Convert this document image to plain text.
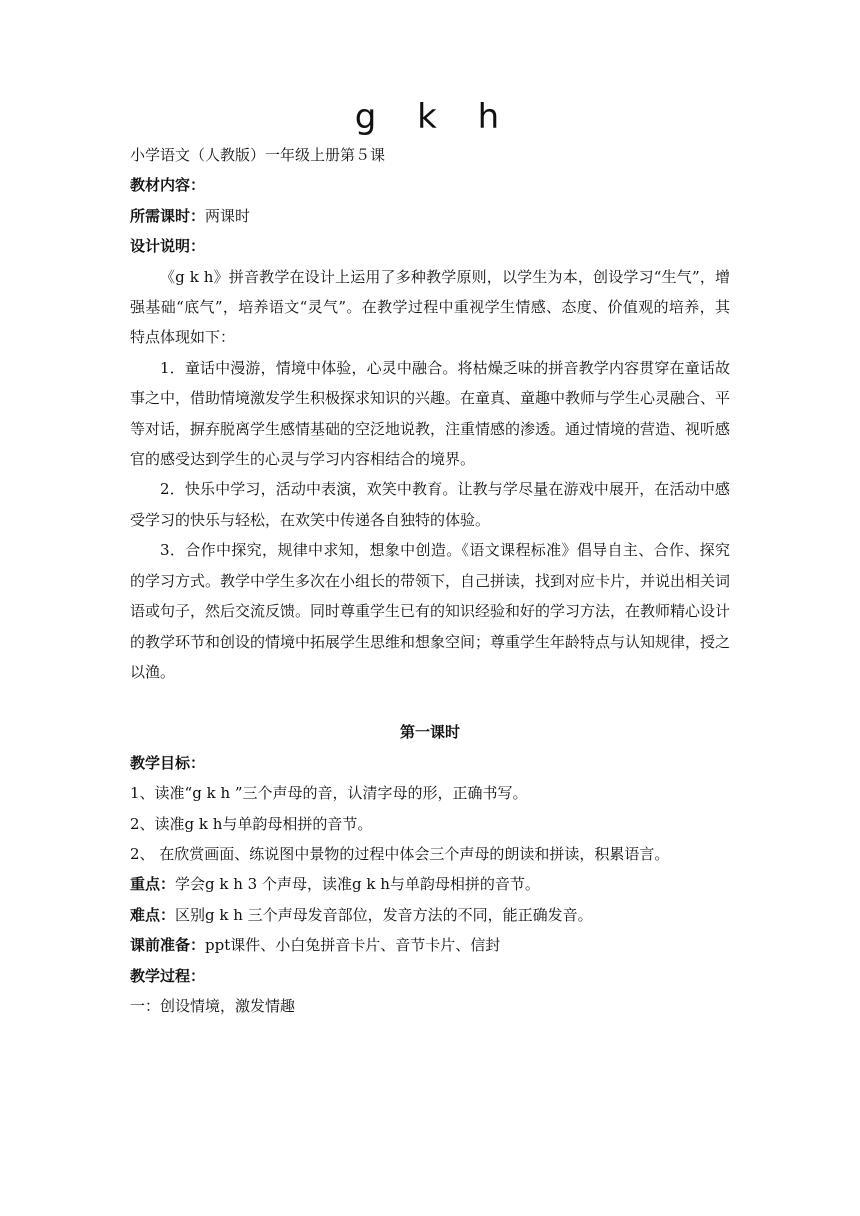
g k h

小学语文（人教版）一年级上册第５课

教材内容：

所需课时：两课时

设计说明：

《g k h》拼音教学在设计上运用了多种教学原则，以学生为本，创设学习“生气”，增强基础“底气”，培养语文“灵气”。在教学过程中重视学生情感、态度、价值观的培养，其特点体现如下：

1．童话中漫游，情境中体验，心灵中融合。将枯燥乏味的拼音教学内容贯穿在童话故事之中，借助情境激发学生积极探求知识的兴趣。在童真、童趣中教师与学生心灵融合、平等对话，摒弃脱离学生感情基础的空泛地说教，注重情感的渗透。通过情境的营造、视听感官的感受达到学生的心灵与学习内容相结合的境界。

2．快乐中学习，活动中表演，欢笑中教育。让教与学尽量在游戏中展开，在活动中感受学习的快乐与轻松，在欢笑中传递各自独特的体验。

3．合作中探究，规律中求知，想象中创造。《语文课程标准》倡导自主、合作、探究的学习方式。教学中学生多次在小组长的带领下，自己拼读，找到对应卡片，并说出相关词语或句子，然后交流反馈。同时尊重学生已有的知识经验和好的学习方法，在教师精心设计的教学环节和创设的情境中拓展学生思维和想象空间；尊重学生年龄特点与认知规律，授之以渔。

第一课时

教学目标：

1、读准“g k h ”三个声母的音，认清字母的形，正确书写。

2、读准g k h与单韵母相拼的音节。

2、 在欣赏画面、练说图中景物的过程中体会三个声母的朗读和拼读，积累语言。

重点：学会g k h 3 个声母，读准g k h与单韵母相拼的音节。

难点：区别g k h 三个声母发音部位，发音方法的不同，能正确发音。

课前准备：ppt课件、小白兔拼音卡片、音节卡片、信封

教学过程：

一：创设情境，激发情趣
